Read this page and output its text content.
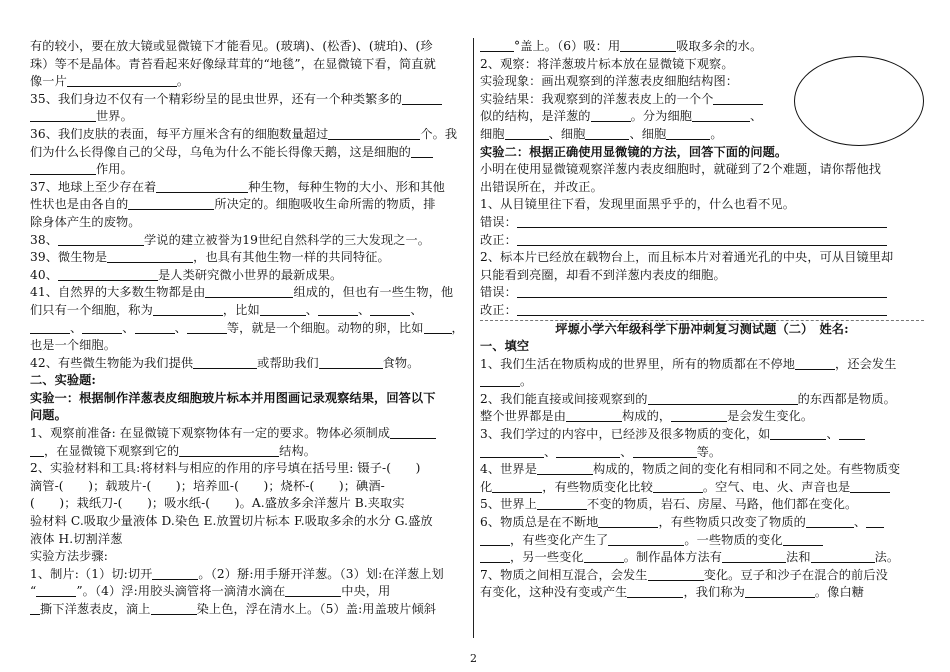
有的较小，要在放大镜或显微镜下才能看见。(玻璃)、(松香)、(琥珀)、(珍
珠）等不是晶体。青苔看起来好像绿茸茸的“地毯”，在显微镜下看，简直就
像一片	。
35、我们身边不仅有一个精彩纷呈的昆虫世界，还有一个种类繁多的
世界。
36、我们皮肤的表面，每平方厘米含有的细胞数量超过	个。我
们为什么长得像自己的父母，乌龟为什么不能长得像天鹅，这是细胞的
作用。
37、地球上至少存在着	种生物，每种生物的大小、形和其他
性状也是由各自的	所决定的。细胞吸收生命所需的物质，排
除身体产生的废物。
38、	学说的建立被誉为19世纪自然科学的三大发现之一。
39、微生物是	，也具有其他生物一样的共同特征。
40、	是人类研究微小世界的最新成果。
41、自然界的大多数生物都是由	组成的，但也有一些生物，他
们只有一个细胞，称为	，比如	、	、	、
、	、	、	等，就是一个细胞。动物的卵，比如 ，
也是一个细胞。
42、有些微生物能为我们提供	或帮助我们	食物。
二、实验题:
实验一：根据制作洋葱表皮细胞玻片标本并用图画记录观察结果，回答以下
问题。
1、观察前准备: 在显微镜下观察物体有一定的要求。物体必须制成
，在显微镜下观察到它的	结构。
2、实验材料和工具:将材料与相应的作用的序号填在括号里: 镊子-(　　)
滴管-(　　)；载玻片-(　　)；培养皿-(　　)；烧杯-(　　)；碘酒-
(　　)；栽纸刀-(　　)；吸水纸-(　　)。A.盛放多余洋葱片 B.夹取实
验材料 C.吸取少量液体 D.染色 E.放置切片标本 F.吸取多余的水分 G.盛放
液体 H.切割洋葱
实验方法步骤:
1、制片:（1）切:切开	。（2）掰:用手掰开洋葱。（3）划:在洋葱上划
“	”。（4）浮:用胶头滴管将一滴清水滴在	中央，用
撕下洋葱表皮，滴上	染上色，浮在清水上。（5）盖:用盖玻片倾斜
°盖上。（6）吸：用	吸取多余的水。
2、观察：将洋葱玻片标本放在显微镜下观察。
实验现象：画出观察到的洋葱表皮细胞结构图：
实验结果：我观察到的洋葱表皮上的一个个
似的结构，是洋葱的	。分为细胞	、
细胞	、细胞	、细胞	。
实验二：根据正确使用显微镜的方法，回答下面的问题。
小明在使用显微镜观察洋葱内表皮细胞时，就碰到了2个难题，请你帮他找
出错误所在，并改正。
1、从目镜里往下看，发现里面黑乎乎的，什么也看不见。
错误：
改正：
2、标本片已经放在载物台上，而且标本片对着通光孔的中央，可从目镜里却
只能看到亮圈，却看不到洋葱内表皮的细胞。
错误：
改正：
坪塬小学六年级科学下册冲刺复习测试题（二）　姓名:
一、填空
1、我们生活在物质构成的世界里，所有的物质都在不停地	，还会发生
。
2、我们能直接或间接观察到的	的东西都是物质。
整个世界都是由	构成的，	是会发生变化。
3、我们学过的内容中，已经涉及很多物质的变化，如	、
、	、	等。
4、世界是	构成的，物质之间的变化有相同和不同之处。有些物质变
化	，有些物质变化比较	。空气、电、火、声音也是
5、世界上	不变的物质，岩石、房屋、马路，他们都在变化。
6、物质总是在不断地	，有些物质只改变了物质的	、
，有些变化产生了	。一些物质的变化
，另一些变化	。制作晶体方法有	法和	法。
7、物质之间相互混合，会发生	变化。豆子和沙子在混合的前后没
有变化，这种没有变或产生	，我们称为	。像白糖
2
